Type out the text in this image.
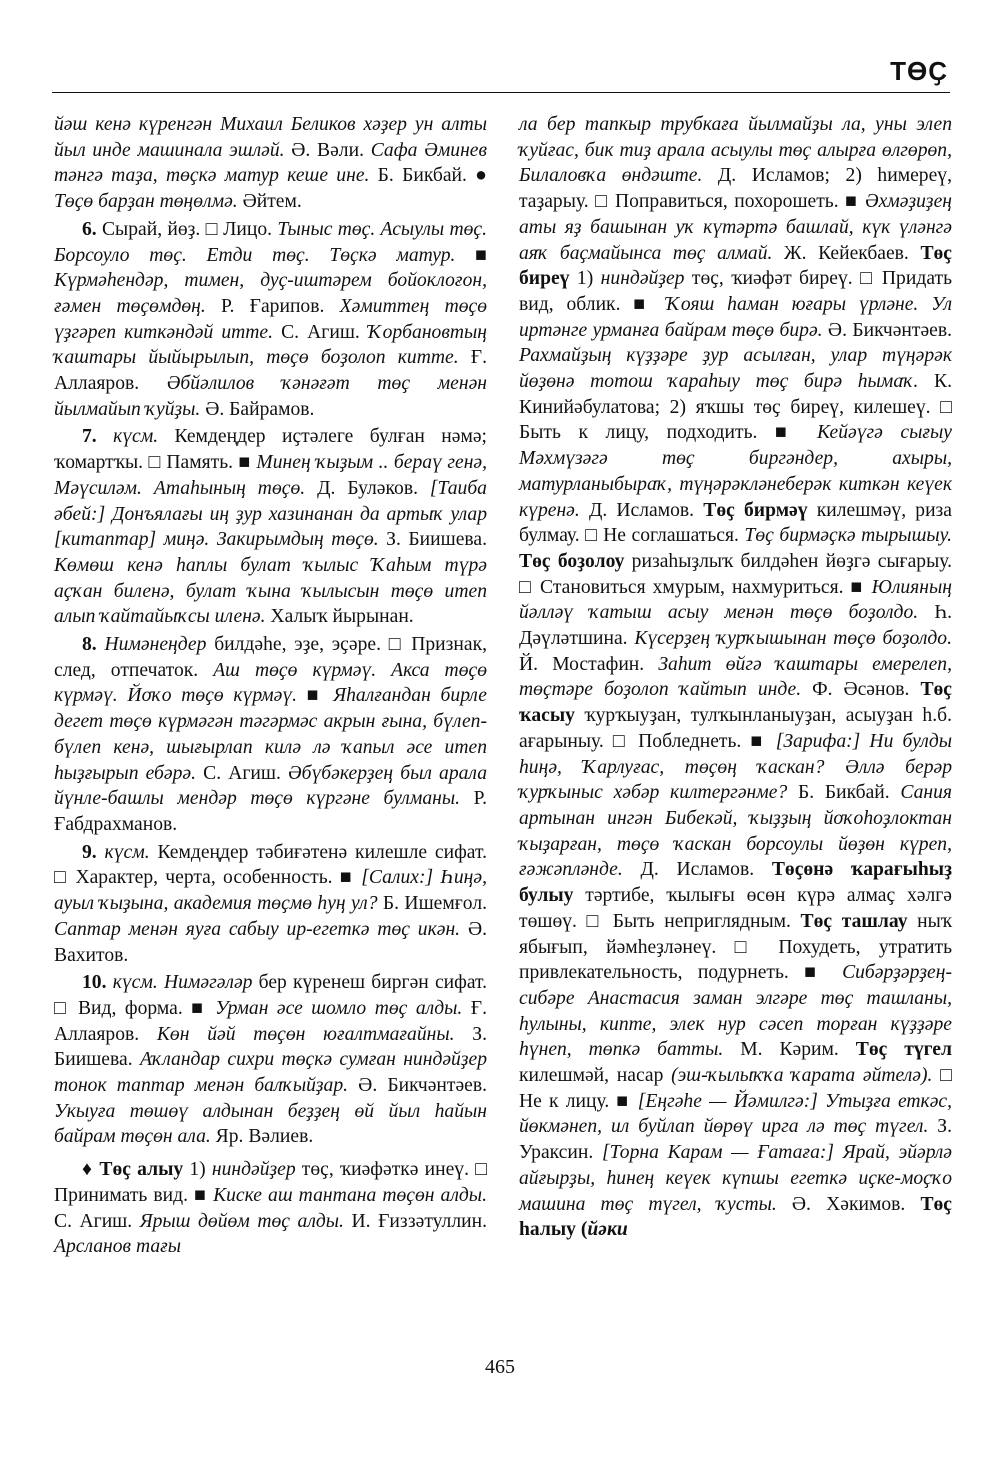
ТӨҪ

йәш кенә күренгән Михаил Беликов хәҙер ун алты йыл инде машинала эшләй. Ә. Вәли. Сафа Әминев тәнгә таҙа, төҫкә матур кеше ине. Б. Бикбай. ● Төҫө барҙан төңөлмә. Әйтем.

6. Сырай, йөҙ. □ Лицо. Тыныс төҫ. Асыулы төҫ. Борсоуло төҫ. Етди төҫ. Төҫкә матур. ■ Күрмәһендәр, тимен, дуҫ-иштәрем бойоклоғон, ғәмен төҫөмдөң. Р. Ғарипов. Хәмиттең төҫө үҙгәреп киткәндәй итте. С. Агиш. Ҡорбановтың ҡаштары йыйырылып, төҫө боҙолоп китте. Ғ. Аллаяров. Әбйәлилов ҡәнәғәт төҫ менән йылмайып ҡуйҙы. Ә. Байрамов.

7. күсм. Кемдеңдер иҫтәлеге булған нәмә; ҡомартҡы. □ Память. ■ Минең ҡыҙым .. бераү генә, Мәүсиләм. Атаһының төҫө. Д. Буләков. [Таиба әбей:] Донъялағы иң ҙур хазинанан да артыҡ улар [китаптар] миңә. Закирымдың төҫө. З. Биишева. Көмөш кенә һаплы булат ҡылыс Ҡаһым түрә аҫҡан биленә, булат ҡына ҡылысын төҫө итеп алып ҡайтайыҡсы иленә. Халыҡ йырынан.

8. Нимәнеңдер билдәһе, эҙе, эҫәре. □ Признак, след, отпечаток. Аш төҫө күрмәү. Акса төҫө күрмәү. Йоҡо төҫө күрмәү. ■ Яһалғандан бирле дегет төҫө күрмәгән тәгәрмәс акрын ғына, бүлеп-бүлеп кенә, шығырлап килә лә ҡапыл әсе итеп һыҙғырып ебәрә. С. Агиш. Әбүбәкерҙең был арала йүнле-башлы мендәр төҫө күргәне булманы. Р. Ғабдрахманов.

9. күсм. Кемдеңдер тәбиғәтенә килешле сифат. □ Характер, черта, особенность. ■ [Салих:] Һиңә, ауыл ҡыҙына, академия төҫмө һуң ул? Б. Ишемғол. Саптар менән яуға сабыу ир-егеткә төҫ икән. Ә. Вахитов.

10. күсм. Нимәгәләр бер күренеш биргән сифат. □ Вид, форма. ■ Урман әсе шомло төҫ алды. Ғ. Аллаяров. Көн йәй төҫөн юғалтмағайны. З. Биишева. Аҡландар сихри төҫкә сумған ниндәйҙер тонок таптар менән балҡыйҙар. Ә. Бикчәнтәев. Укыуға төшөү алдынан беҙҙең өй йыл һайын байрам төҫөн ала. Яр. Вәлиев.

♦ Төҫ алыу 1) ниндәйҙер төҫ, ҡиәфәткә инеү. □ Принимать вид. ■ Киске аш тантана төҫөн алды. С. Агиш. Ярыш дөйөм төҫ алды. И. Ғиззәтуллин. Арсланов тағы

ла бер тапкыр трубкаға йылмайҙы ла, уны элеп ҡуйғас, бик тиҙ арала асыулы төҫ алырға өлгөрөп, Билаловҡа өндәште. Д. Исламов; 2) һимереү, таҙарыу. □ Поправиться, похорошеть. ■ Әхмәҙиҙең аты яҙ башынан уҡ күтәртә башлай, күк үләнгә аяҡ баҫмайынса төҫ алмай. Ж. Кейекбаев. Төҫ биреү 1) ниндәйҙер төҫ, ҡиәфәт биреү. □ Придать вид, облик. ■ Ҡояш һаман юғары үрләне. Ул иртәнге урманға байрам төҫө бирә. Ә. Бикчәнтәев. Рахмайҙың күҙҙәре ҙур асылған, улар түңәрәк йөҙөнә тотош ҡараһыу төҫ бирә һымаҡ. К. Кинийәбулатова; 2) яҡшы төҫ биреү, килешеү. □ Быть к лицу, подходить. ■ Кейәүгә сығыу Мәхмүзәгә төҫ биргәндер, ахыры, матурланыбыраҡ, түңәрәкләнеберәк киткән кеүек күренә. Д. Исламов. Төҫ бирмәү килешмәү, риза булмау. □ Не соглашаться. Төҫ бирмәҫкә тырышыу. Төҫ боҙолоу ризаһыҙлыҡ билдәһен йөҙгә сығарыу. □ Становиться хмурым, нахмуриться. ■ Юлияның йәлләү ҡатыш асыу менән төҫө боҙолдо. Һ. Дәүләтшина. Күсерҙең ҡурҡышынан төҫө боҙолдо. Й. Мостафин. Заһит өйгә ҡаштары емерелеп, төҫтәре боҙолоп ҡайтып инде. Ф. Әсәнов. Төҫ ҡасыу ҡурҡыуҙан, тулҡынланыуҙан, асыуҙан һ.б. ағарыныу. □ Побледнеть. ■ [Зарифа:] Ни булды һиңә, Ҡарлуғас, төҫөң ҡаскан? Әллә берәр ҡурҡыныс хәбәр килтергәнме? Б. Бикбай. Сания артынан ингән Бибекәй, ҡыҙҙың йоҡоһоҙлоктан ҡыҙарған, төҫө ҡаскан борсоулы йөҙөн күреп, ғәжәпләнде. Д. Исламов. Төҫөнә ҡарағыһыҙ булыу тәртибе, ҡылығы өсөн күрә алмаҫ хәлгә төшөү. □ Быть неприглядным. Төҫ ташлау ныҡ ябығып, йәмһеҙләнеү. □ Похудеть, утратить привлекательность, подурнеть. ■ Сибәрҙәрҙең-сибәре Анастасия заман элгәре төҫ ташланы, һулыны, кипте, элек нур сәсеп торған күҙҙәре һүнеп, төпкә батты. М. Кәрим. Төҫ түгел килешмәй, насар (эш-ҡылыҡҡа ҡарата әйтелә). □ Не к лицу. ■ [Еңгәһе — Йәмилгә:] Утыҙға еткәс, йөкмәнеп, ил буйлап йөрөү ирга лә төҫ түгел. З. Ураксин. [Торна Карам — Ғатаға:] Ярай, эйәрлә айғырҙы, һинең кеүек күпшы егеткә иҫке-моҫҡо машина төҫ түгел, ҡусты. Ә. Хәкимов. Төҫ һалыу (йәки

465
